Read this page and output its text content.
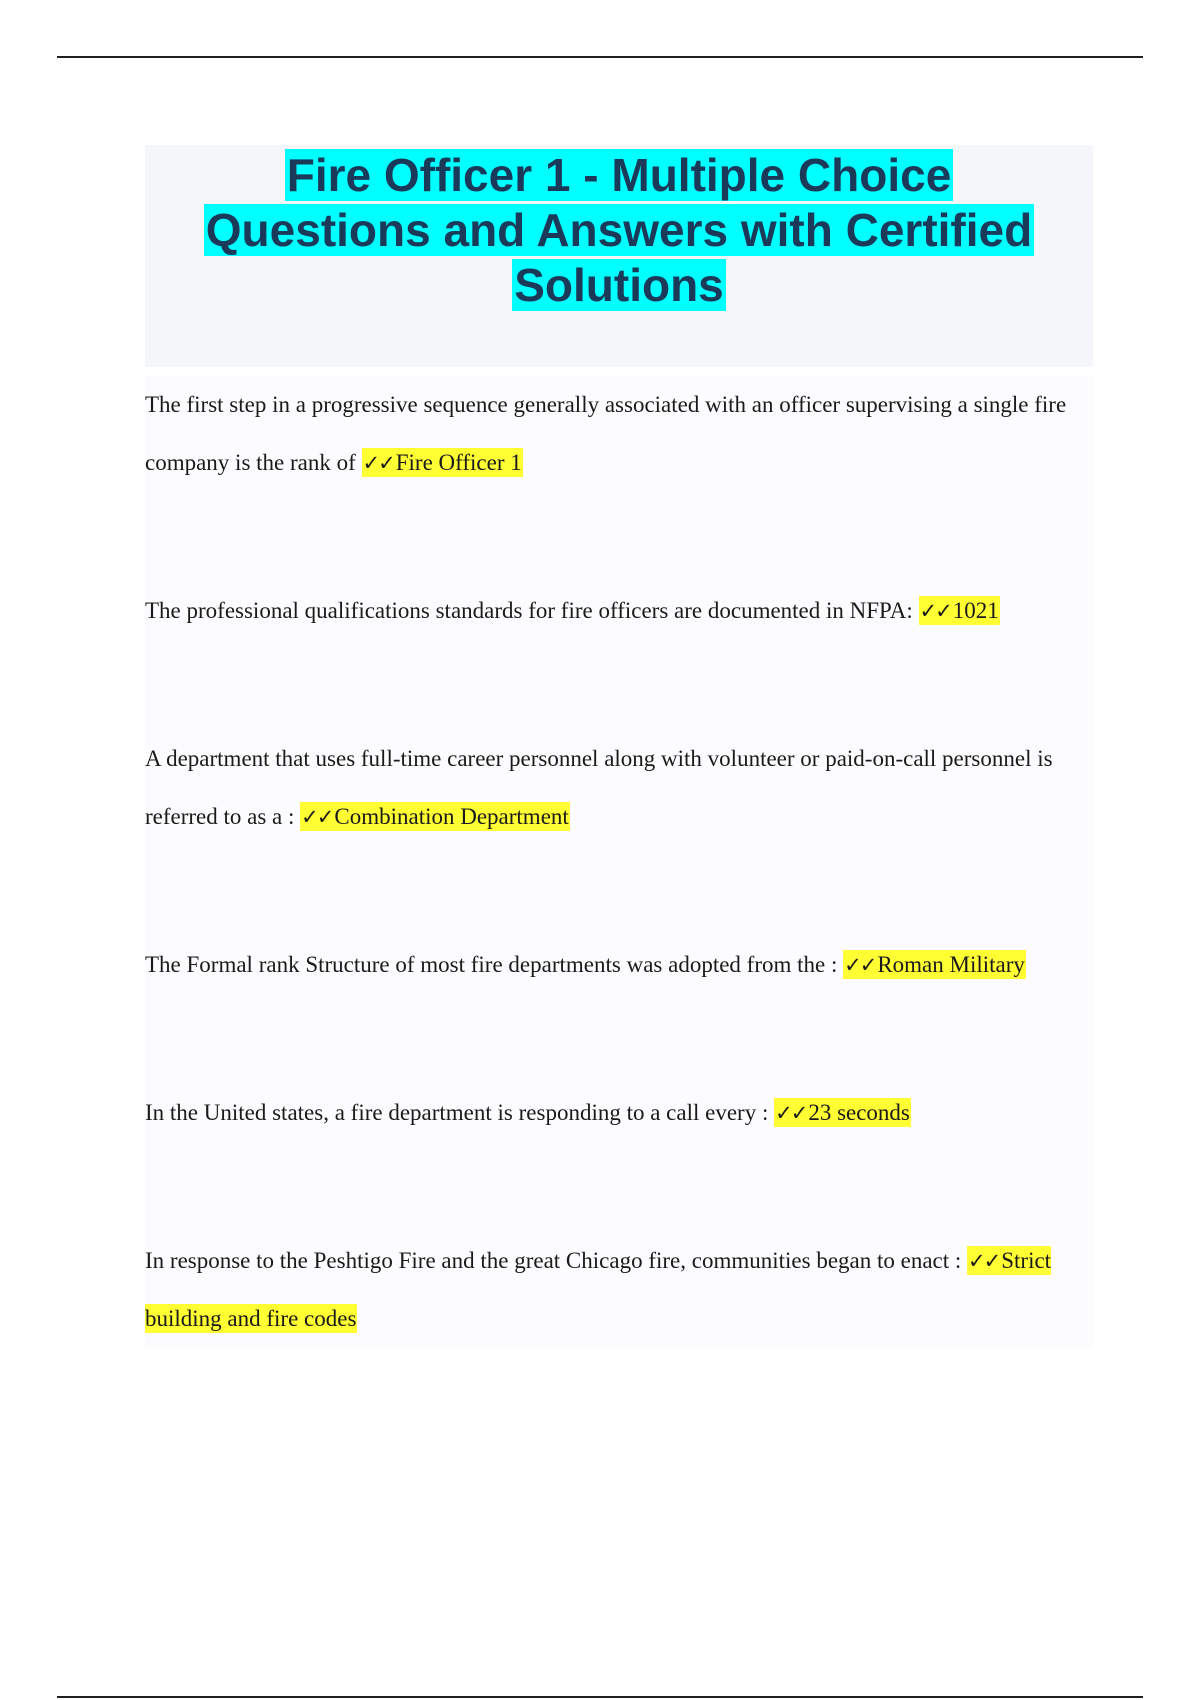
Fire Officer 1 - Multiple Choice
Questions and Answers with Certified
Solutions

The first step in a progressive sequence generally associated with an officer supervising a single fire company is the rank of ✓✓Fire Officer 1

The professional qualifications standards for fire officers are documented in NFPA: ✓✓1021

A department that uses full-time career personnel along with volunteer or paid-on-call personnel is referred to as a : ✓✓Combination Department

The Formal rank Structure of most fire departments was adopted from the : ✓✓Roman Military

In the United states, a fire department is responding to a call every : ✓✓23 seconds

In response to the Peshtigo Fire and the great Chicago fire, communities began to enact : ✓✓Strict building and fire codes
